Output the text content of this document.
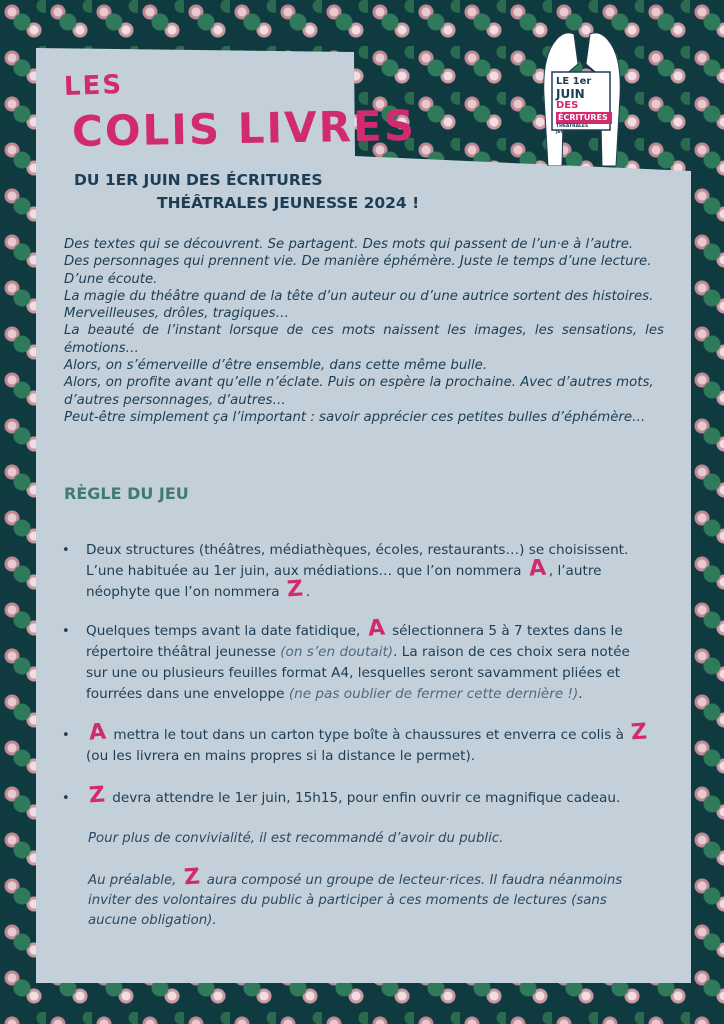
LE 1er
JUIN
DES
ÉCRITURES
THÉÂTRALES JEUNESSE
LES
COLIS LIVRES
DU 1ER JUIN DES ÉCRITURES
THÉÂTRALES JEUNESSE 2024 !

Des textes qui se découvrent. Se partagent. Des mots qui passent de l’un·e à l’autre.

Des personnages qui prennent vie. De manière éphémère. Juste le temps d’une lecture.

D’une écoute.

La magie du théâtre quand de la tête d’un auteur ou d’une autrice sortent des histoires.

Merveilleuses, drôles, tragiques…

La beauté de l’instant lorsque de ces mots naissent les images, les sensations, les émotions…

Alors, on s’émerveille d’être ensemble, dans cette même bulle.

Alors, on profite avant qu’elle n’éclate. Puis on espère la prochaine. Avec d’autres mots, d’autres personnages, d’autres…

Peut-être simplement ça l’important : savoir apprécier ces petites bulles d’éphémère…

RÈGLE DU JEU
• Deux structures (théâtres, médiathèques, écoles, restaurants…) se choisissent.
L’une habituée au 1er juin, aux médiations… que l’on nommera A , l’autre
néophyte que l’on nommera Z .
• Quelques temps avant la date fatidique, A sélectionnera 5 à 7 textes dans le
répertoire théâtral jeunesse (on s’en doutait). La raison de ces choix sera notée
sur une ou plusieurs feuilles format A4, lesquelles seront savamment pliées et
fourrées dans une enveloppe (ne pas oublier de fermer cette dernière !).
• A mettra le tout dans un carton type boîte à chaussures et enverra ce colis à Z
(ou les livrera en mains propres si la distance le permet).
• Z devra attendre le 1er juin, 15h15, pour enfin ouvrir ce magnifique cadeau.
Pour plus de convivialité, il est recommandé d’avoir du public.
Au préalable, Z aura composé un groupe de lecteur·rices. Il faudra néanmoins
inviter des volontaires du public à participer à ces moments de lectures (sans
aucune obligation).
